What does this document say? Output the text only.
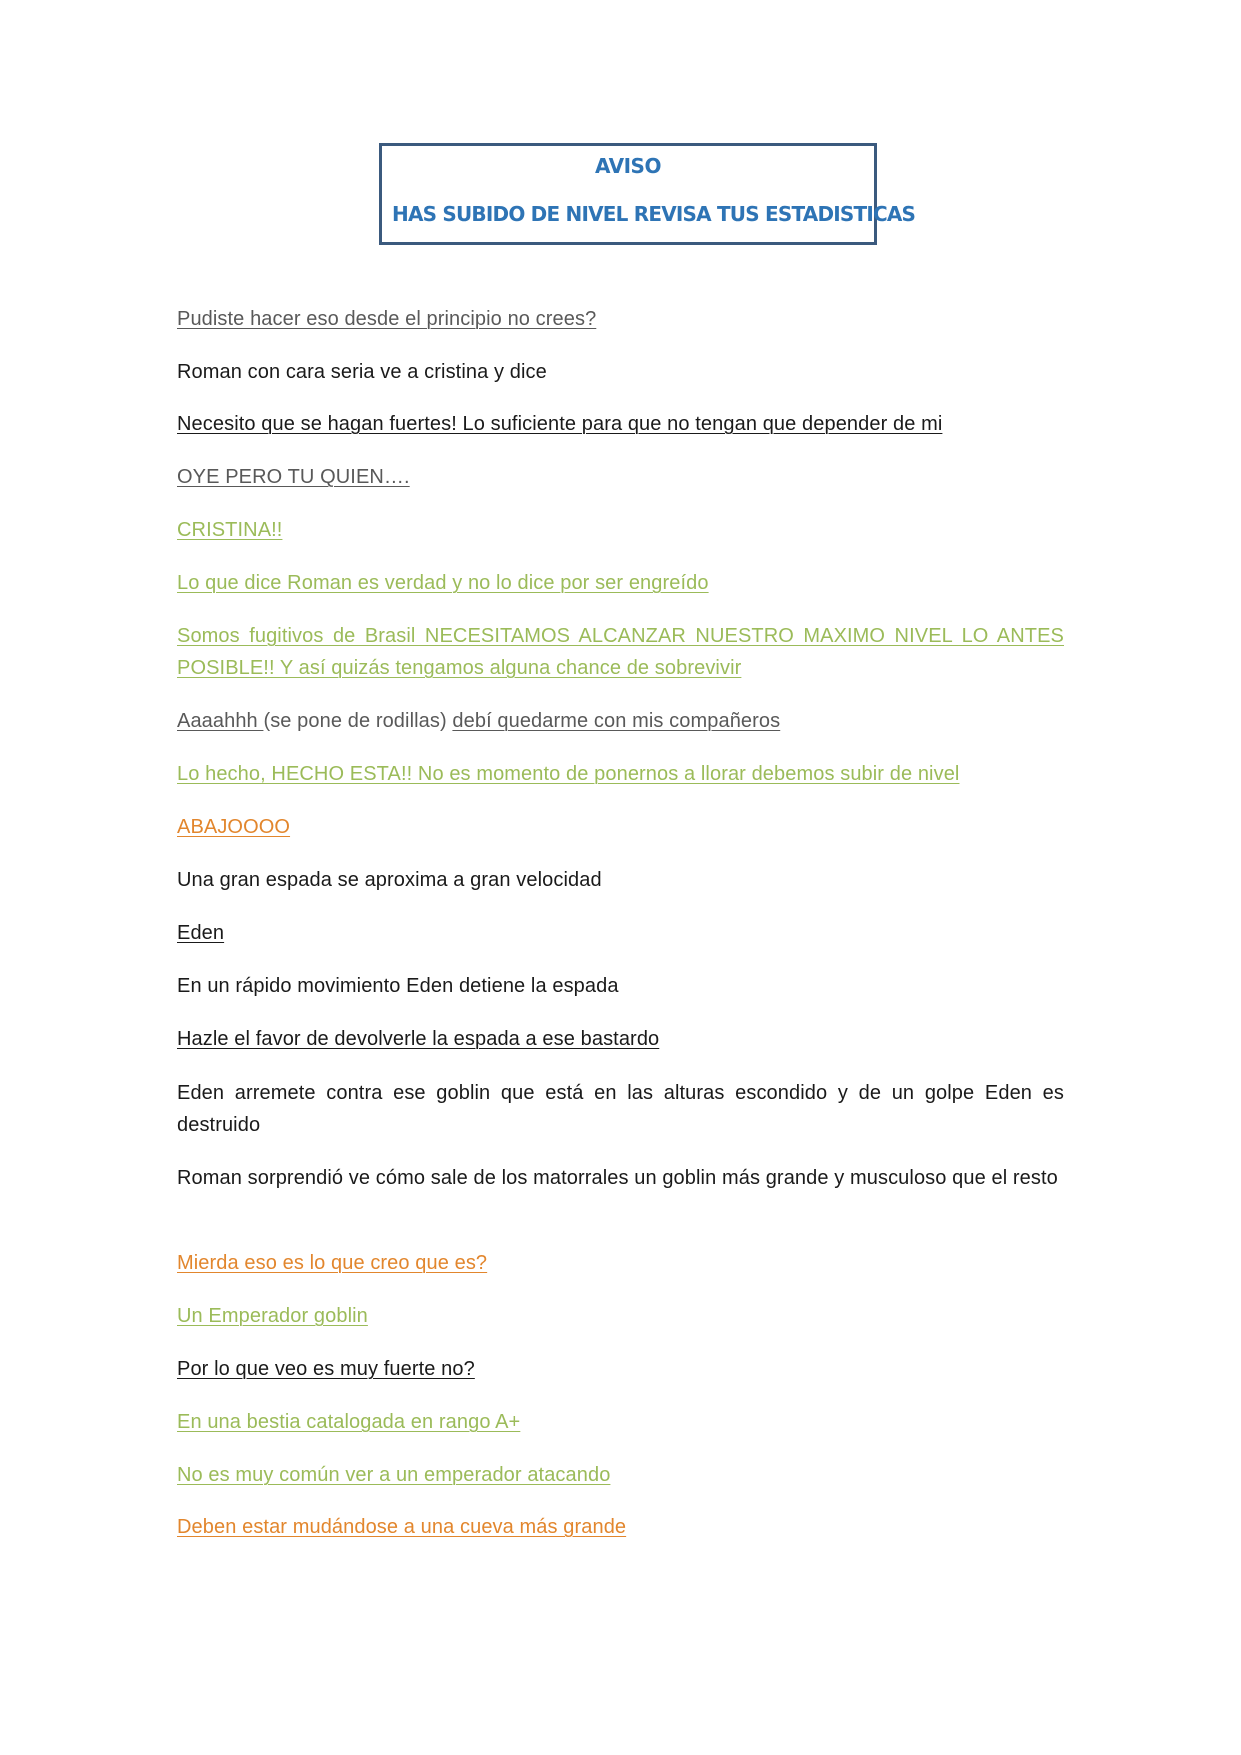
AVISO
HAS SUBIDO DE NIVEL REVISA TUS ESTADISTICAS

Pudiste hacer eso desde el principio no crees?

Roman con cara seria ve a cristina y dice

Necesito que se hagan fuertes! Lo suficiente para que no tengan que depender de mi

OYE PERO TU QUIEN….

CRISTINA!!

Lo que dice Roman es verdad y no lo dice por ser engreído

Somos fugitivos de Brasil NECESITAMOS ALCANZAR NUESTRO MAXIMO NIVEL LO ANTES POSIBLE!! Y así quizás tengamos alguna chance de sobrevivir

Aaaahhh (se pone de rodillas) debí quedarme con mis compañeros

Lo hecho, HECHO ESTA!! No es momento de ponernos a llorar debemos subir de nivel

ABAJOOOO

Una gran espada se aproxima a gran velocidad

Eden

En un rápido movimiento Eden detiene la espada

Hazle el favor de devolverle la espada a ese bastardo

Eden arremete contra ese goblin que está en las alturas escondido y de un golpe Eden es destruido

Roman sorprendió ve cómo sale de los matorrales un goblin más grande y musculoso que el resto

Mierda eso es lo que creo que es?

Un Emperador goblin

Por lo que veo es muy fuerte no?

En una bestia catalogada en rango A+

No es muy común ver a un emperador atacando

Deben estar mudándose a una cueva más grande
